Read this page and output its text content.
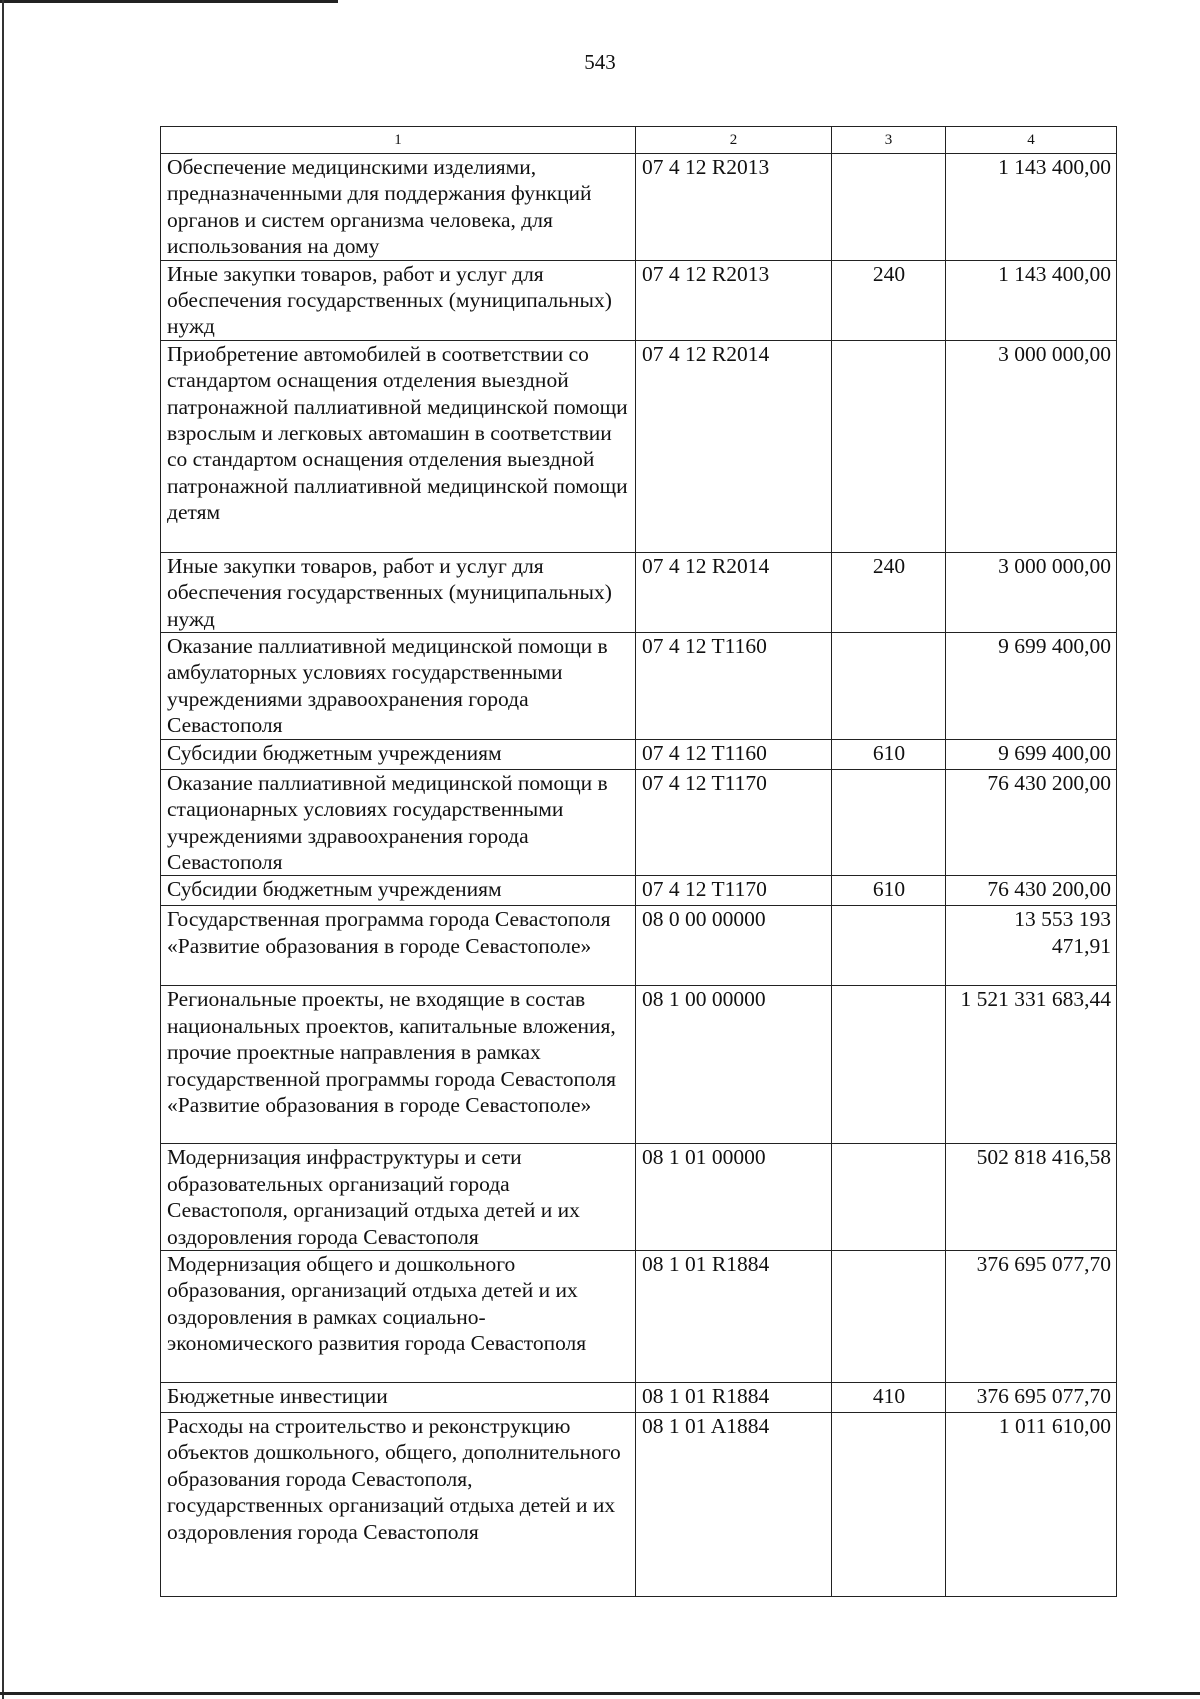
543
1	2	3	4
Обеспечение медицинскими изделиями, предназначенными для поддержания функций органов и систем организма человека, для использования на дому	07 4 12 R2013		1 143 400,00
Иные закупки товаров, работ и услуг для обеспечения государственных (муниципальных) нужд	07 4 12 R2013	240	1 143 400,00
Приобретение автомобилей в соответствии со стандартом оснащения отделения выездной патронажной паллиативной медицинской помощи взрослым и легковых автомашин в соответствии со стандартом оснащения отделения выездной патронажной паллиативной медицинской помощи детям	07 4 12 R2014		3 000 000,00
Иные закупки товаров, работ и услуг для обеспечения государственных (муниципальных) нужд	07 4 12 R2014	240	3 000 000,00
Оказание паллиативной медицинской помощи в амбулаторных условиях государственными учреждениями здравоохранения города Севастополя	07 4 12 T1160		9 699 400,00
Субсидии бюджетным учреждениям	07 4 12 T1160	610	9 699 400,00
Оказание паллиативной медицинской помощи в стационарных условиях государственными учреждениями здравоохранения города Севастополя	07 4 12 T1170		76 430 200,00
Субсидии бюджетным учреждениям	07 4 12 T1170	610	76 430 200,00
Государственная программа города Севастополя «Развитие образования в городе Севастополе»	08 0 00 00000		13 553 193 471,91
Региональные проекты, не входящие в состав национальных проектов, капитальные вложения, прочие проектные направления в рамках государственной программы города Севастополя «Развитие образования в городе Севастополе»	08 1 00 00000		1 521 331 683,44
Модернизация инфраструктуры и сети образовательных организаций города Севастополя, организаций отдыха детей и их оздоровления города Севастополя	08 1 01 00000		502 818 416,58
Модернизация общего и дошкольного образования, организаций отдыха детей и их оздоровления в рамках социально-экономического развития города Севастополя	08 1 01 R1884		376 695 077,70
Бюджетные инвестиции	08 1 01 R1884	410	376 695 077,70
Расходы на строительство и реконструкцию объектов дошкольного, общего, дополнительного образования города Севастополя, государственных организаций отдыха детей и их оздоровления города Севастополя	08 1 01 A1884		1 011 610,00
